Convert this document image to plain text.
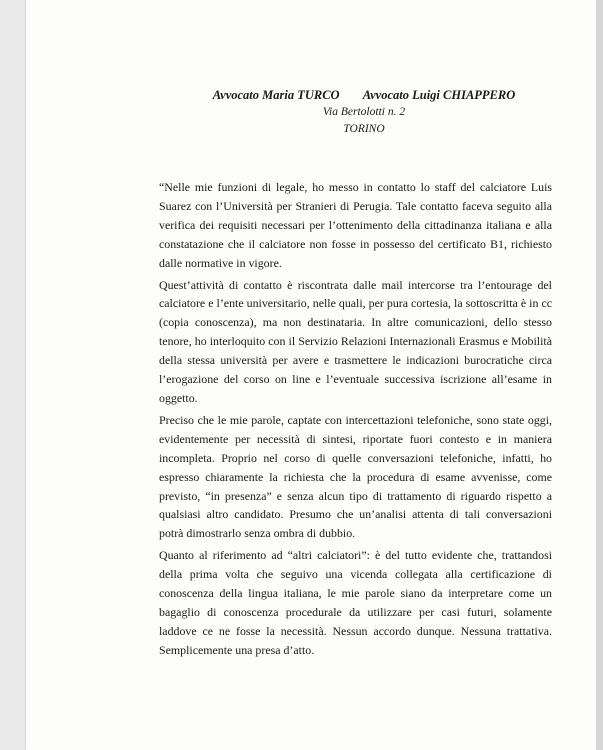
Avvocato Maria TURCO Avvocato Luigi CHIAPPERO
Via Bertolotti n. 2
TORINO

“Nelle mie funzioni di legale, ho messo in contatto lo staff del calciatore Luis Suarez con l’Università per Stranieri di Perugia. Tale contatto faceva seguito alla verifica dei requisiti necessari per l’ottenimento della cittadinanza italiana e alla constatazione che il calciatore non fosse in possesso del certificato B1, richiesto dalle normative in vigore.

Quest’attività di contatto è riscontrata dalle mail intercorse tra l’entourage del calciatore e l’ente universitario, nelle quali, per pura cortesia, la sottoscritta è in cc (copia conoscenza), ma non destinataria. In altre comunicazioni, dello stesso tenore, ho interloquito con il Servizio Relazioni Internazionali Erasmus e Mobilità della stessa università per avere e trasmettere le indicazioni burocratiche circa l’erogazione del corso on line e l’eventuale successiva iscrizione all’esame in oggetto.

Preciso che le mie parole, captate con intercettazioni telefoniche, sono state oggi, evidentemente per necessità di sintesi, riportate fuori contesto e in maniera incompleta. Proprio nel corso di quelle conversazioni telefoniche, infatti, ho espresso chiaramente la richiesta che la procedura di esame avvenisse, come previsto, “in presenza” e senza alcun tipo di trattamento di riguardo rispetto a qualsiasi altro candidato. Presumo che un’analisi attenta di tali conversazioni potrà dimostrarlo senza ombra di dubbio.

Quanto al riferimento ad “altri calciatori”: è del tutto evidente che, trattandosi della prima volta che seguivo una vicenda collegata alla certificazione di conoscenza della lingua italiana, le mie parole siano da interpretare come un bagaglio di conoscenza procedurale da utilizzare per casi futuri, solamente laddove ce ne fosse la necessità. Nessun accordo dunque. Nessuna trattativa. Semplicemente una presa d’atto.
